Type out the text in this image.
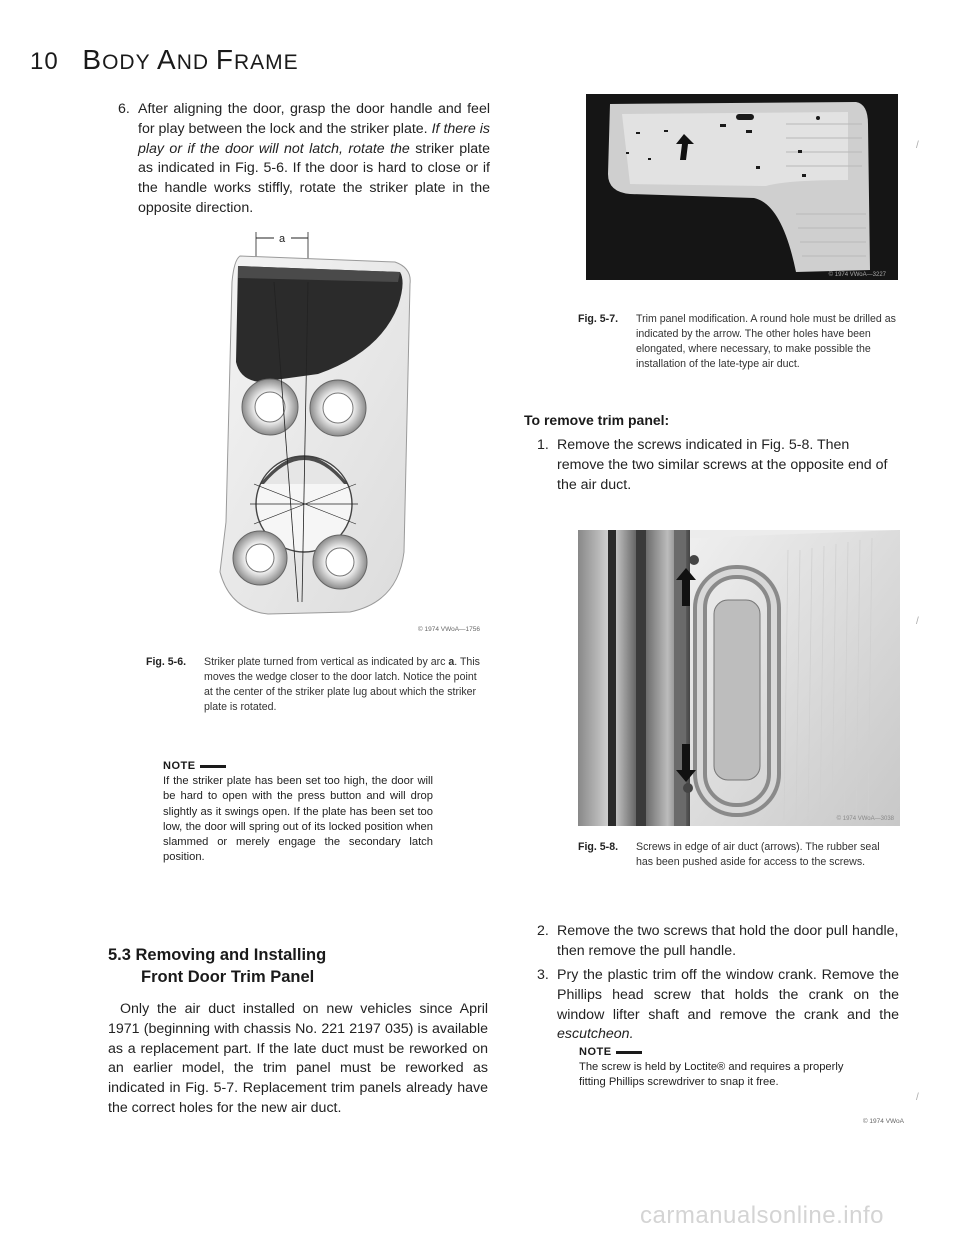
10 BODY AND FRAME
6. After aligning the door, grasp the door handle and feel for play between the lock and the striker plate. If there is play or if the door will not latch, rotate the striker plate as indicated in Fig. 5-6. If the door is hard to close or if the handle works stiffly, rotate the striker plate in the opposite direction.
a
© 1974 VWoA—1756
Fig. 5-6.	Striker plate turned from vertical as indicated by arc a. This moves the wedge closer to the door latch. Notice the point at the center of the striker plate lug about which the striker plate is rotated.
NOTE
If the striker plate has been set too high, the door will be hard to open with the press button and will drop slightly as it swings open. If the plate has been set too low, the door will spring out of its locked position when slammed or merely engage the secondary latch position.
5.3 Removing and Installing
Front Door Trim Panel
Only the air duct installed on new vehicles since April 1971 (beginning with chassis No. 221 2197 035) is available as a replacement part. If the late duct must be reworked on an earlier model, the trim panel must be reworked as indicated in Fig. 5-7. Replacement trim panels already have the correct holes for the new air duct.
© 1974 VWoA—3227
Fig. 5-7.	Trim panel modification. A round hole must be drilled as indicated by the arrow. The other holes have been elongated, where necessary, to make possible the installation of the late-type air duct.
To remove trim panel:
1. Remove the screws indicated in Fig. 5-8. Then remove the two similar screws at the opposite end of the air duct.
© 1974 VWoA—3038
Fig. 5-8.	Screws in edge of air duct (arrows). The rubber seal has been pushed aside for access to the screws.
2. Remove the two screws that hold the door pull handle, then remove the pull handle.
3. Pry the plastic trim off the window crank. Remove the Phillips head screw that holds the crank on the window lifter shaft and remove the crank and the escutcheon.
NOTE
The screw is held by Loctite® and requires a properly fitting Phillips screwdriver to snap it free.
© 1974 VWoA
/
/
/
carmanualsonline.info
